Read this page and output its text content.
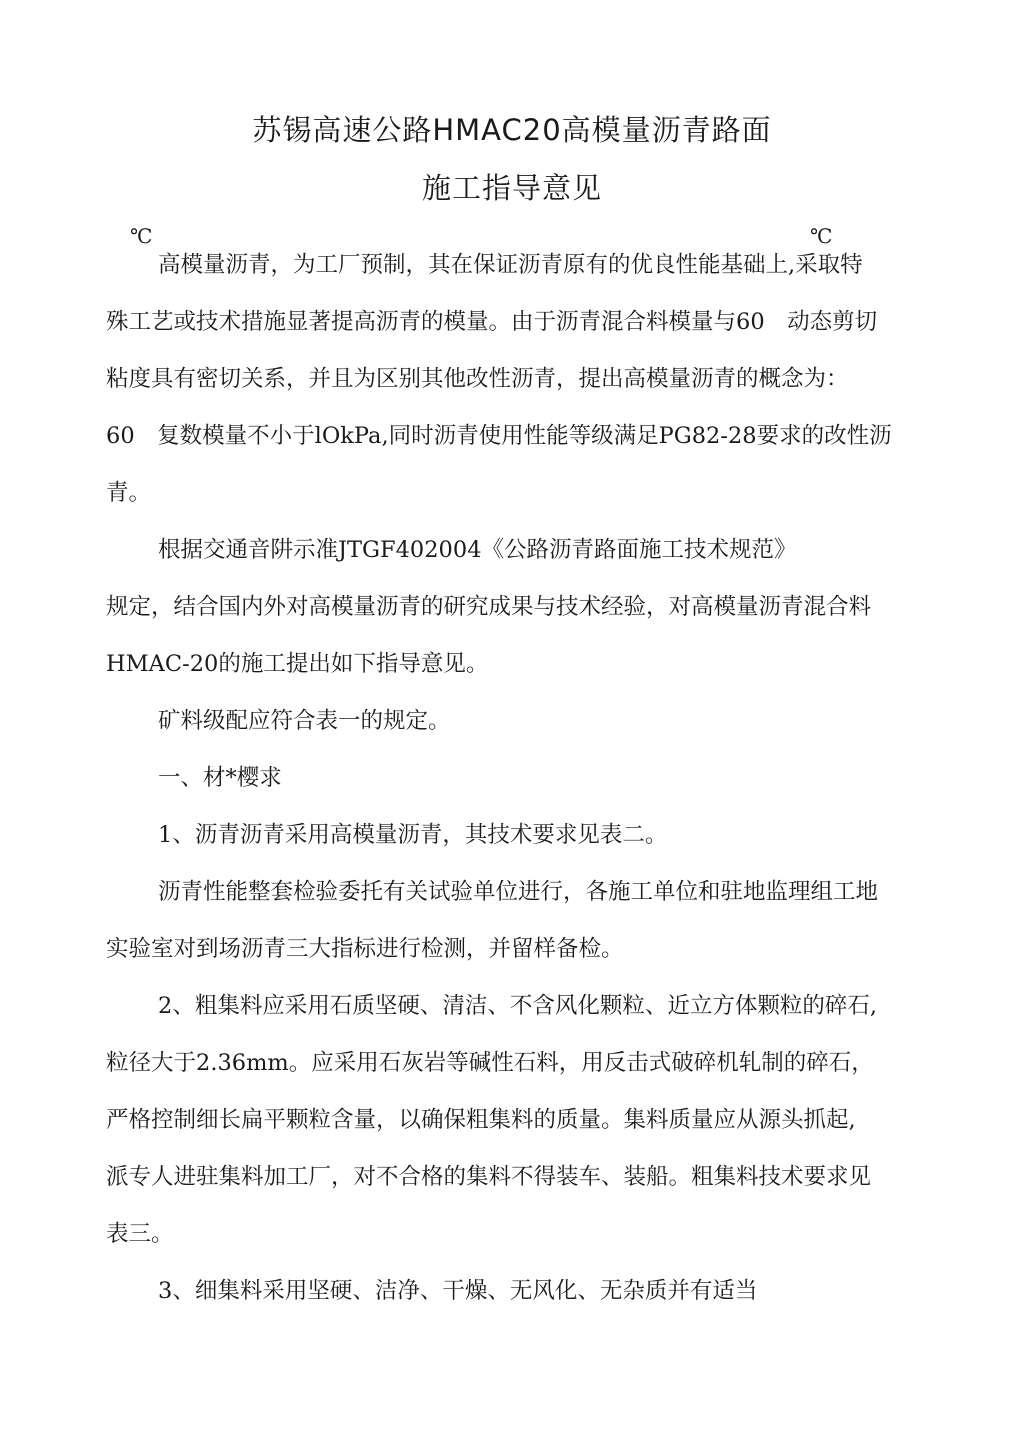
苏锡高速公路HMAC20高模量沥青路面
施工指导意见
℃	℃

高模量沥青，为工厂预制，其在保证沥青原有的优良性能基础上,采取特

殊工艺或技术措施显著提高沥青的模量。由于沥青混合料模量与60　动态剪切

粘度具有密切关系，并且为区别其他改性沥青，提出高模量沥青的概念为：

60　复数模量不小于lOkPa,同时沥青使用性能等级满足PG82-28要求的改性沥

青。

根据交通音阱示准JTGF402004《公路沥青路面施工技术规范》

规定，结合国内外对高模量沥青的研究成果与技术经验，对高模量沥青混合料

HMAC-20的施工提出如下指导意见。

矿料级配应符合表一的规定。

一、材*樱求

1、沥青沥青采用高模量沥青，其技术要求见表二。

沥青性能整套检验委托有关试验单位进行，各施工单位和驻地监理组工地

实验室对到场沥青三大指标进行检测，并留样备检。

2、粗集料应采用石质坚硬、清洁、不含风化颗粒、近立方体颗粒的碎石,

粒径大于2.36mm。应采用石灰岩等碱性石料，用反击式破碎机轧制的碎石，

严格控制细长扁平颗粒含量，以确保粗集料的质量。集料质量应从源头抓起,

派专人进驻集料加工厂，对不合格的集料不得装车、装船。粗集料技术要求见

表三。

3、细集料采用坚硬、洁净、干燥、无风化、无杂质并有适当
